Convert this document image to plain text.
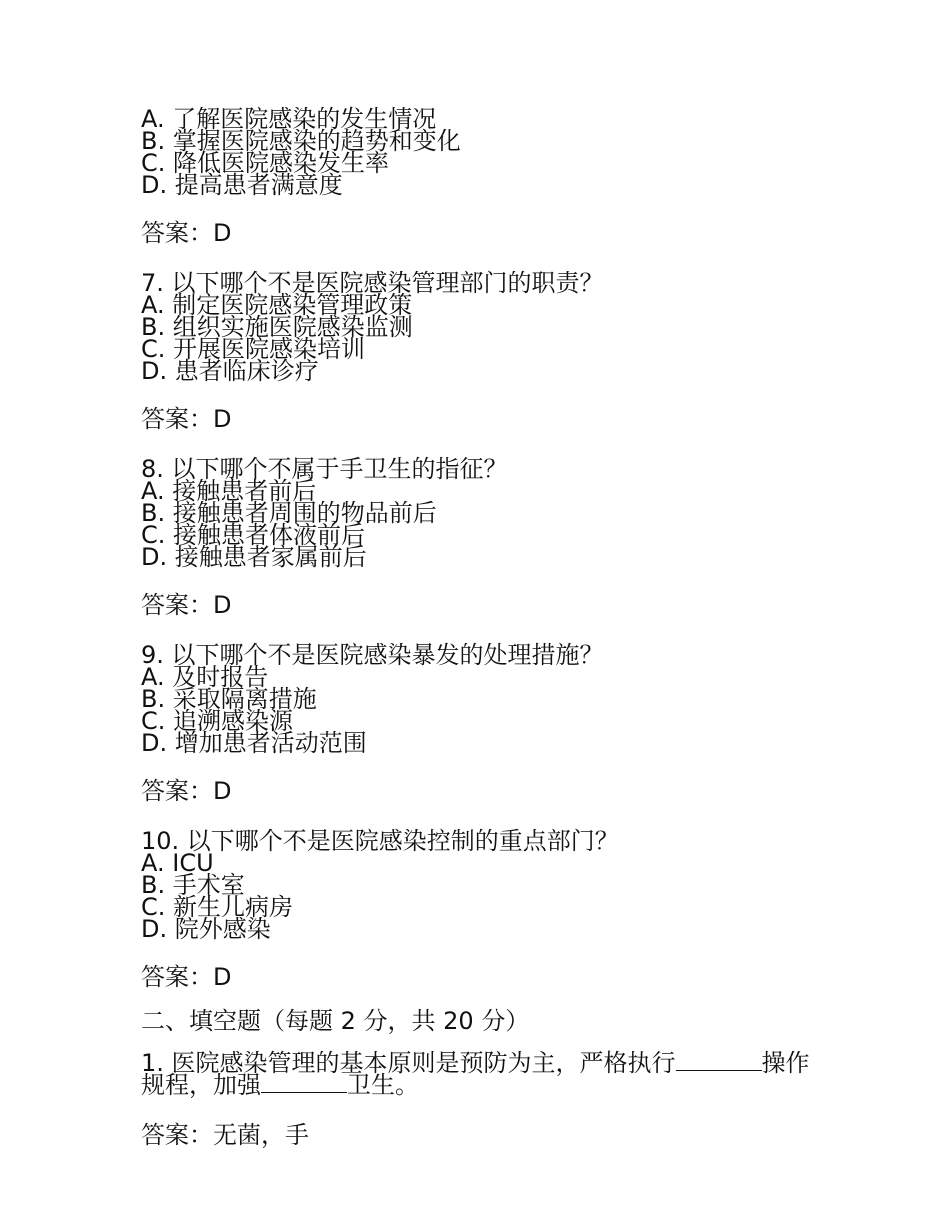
A. 了解医院感染的发生情况
B. 掌握医院感染的趋势和变化
C. 降低医院感染发生率
D. 提高患者满意度
答案：D
7. 以下哪个不是医院感染管理部门的职责？
A. 制定医院感染管理政策
B. 组织实施医院感染监测
C. 开展医院感染培训
D. 患者临床诊疗
答案：D
8. 以下哪个不属于手卫生的指征？
A. 接触患者前后
B. 接触患者周围的物品前后
C. 接触患者体液前后
D. 接触患者家属前后
答案：D
9. 以下哪个不是医院感染暴发的处理措施？
A. 及时报告
B. 采取隔离措施
C. 追溯感染源
D. 增加患者活动范围
答案：D
10. 以下哪个不是医院感染控制的重点部门？
A. ICU
B. 手术室
C. 新生儿病房
D. 院外感染
答案：D
二、填空题（每题 2 分，共 20 分）
1. 医院感染管理的基本原则是预防为主，严格执行	操作规程，加强	卫生。
答案：无菌，手
